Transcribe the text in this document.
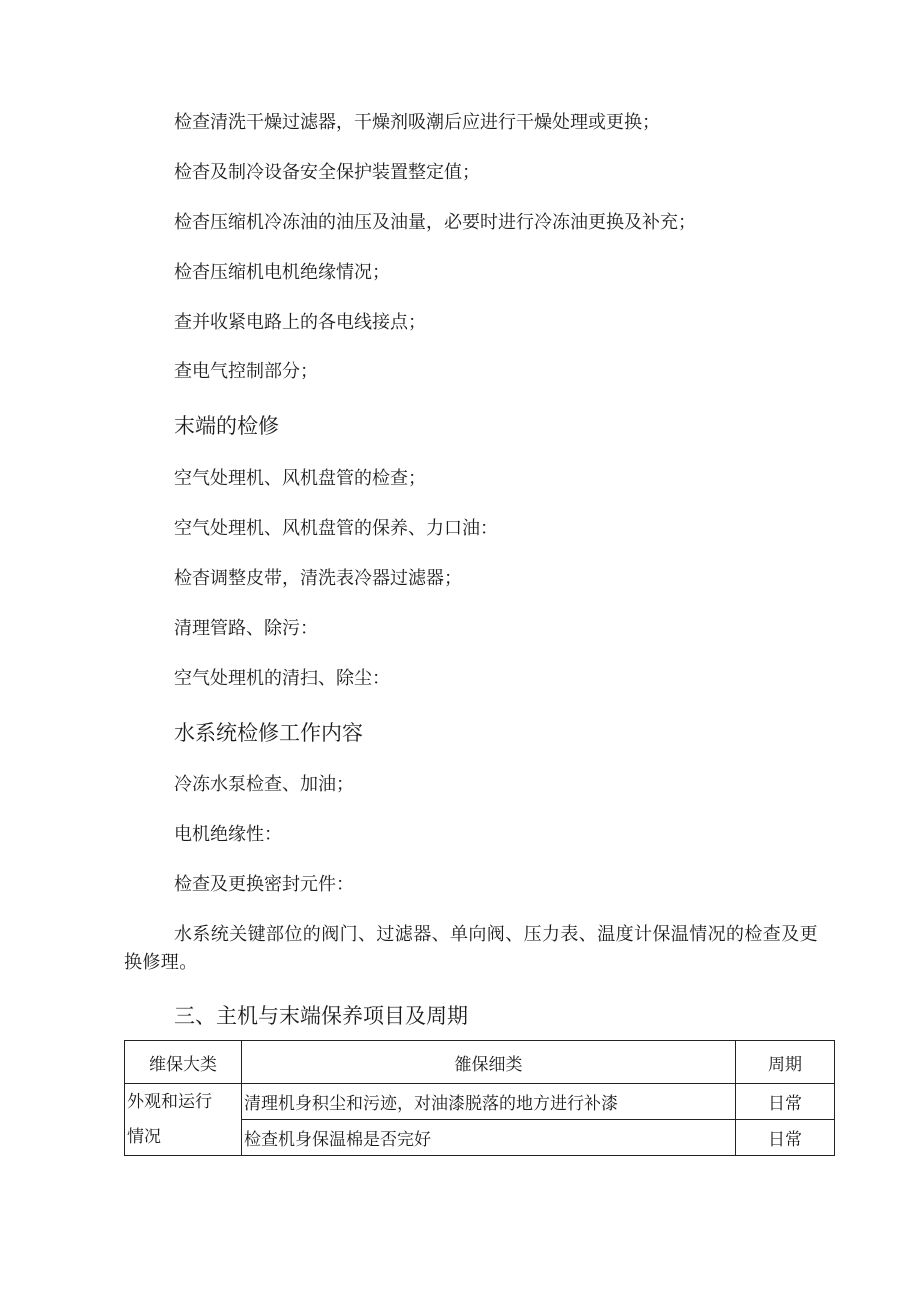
检查清洗干燥过滤器，干燥剂吸潮后应进行干燥处理或更换；
检杳及制冷设备安全保护装置整定值；
检杳压缩机冷冻油的油压及油量，必要时进行冷冻油更换及补充；
检杳压缩机电机绝缘情况；
查并收紧电路上的各电线接点；
查电气控制部分；
末端的检修
空气处理机、风机盘管的检查；
空气处理机、风机盘管的保养、力口油：
检杳调整皮带，清洗表冷器过滤器；
清理管路、除污：
空气处理机的清扫、除尘：
水系统检修工作内容
冷冻水泵检查、加油；
电机绝缘性：
检查及更换密封元件：
水系统关键部位的阀门、过滤器、单向阀、压力表、温度计保温情况的检查及更换修理。
三、主机与末端保养项目及周期
维保大类	雒保细类	周期

外观和运行
情况	清理机身积尘和污迹，对油漆脱落的地方进行补漆	日常
	检查机身保温棉是否完好	日常
